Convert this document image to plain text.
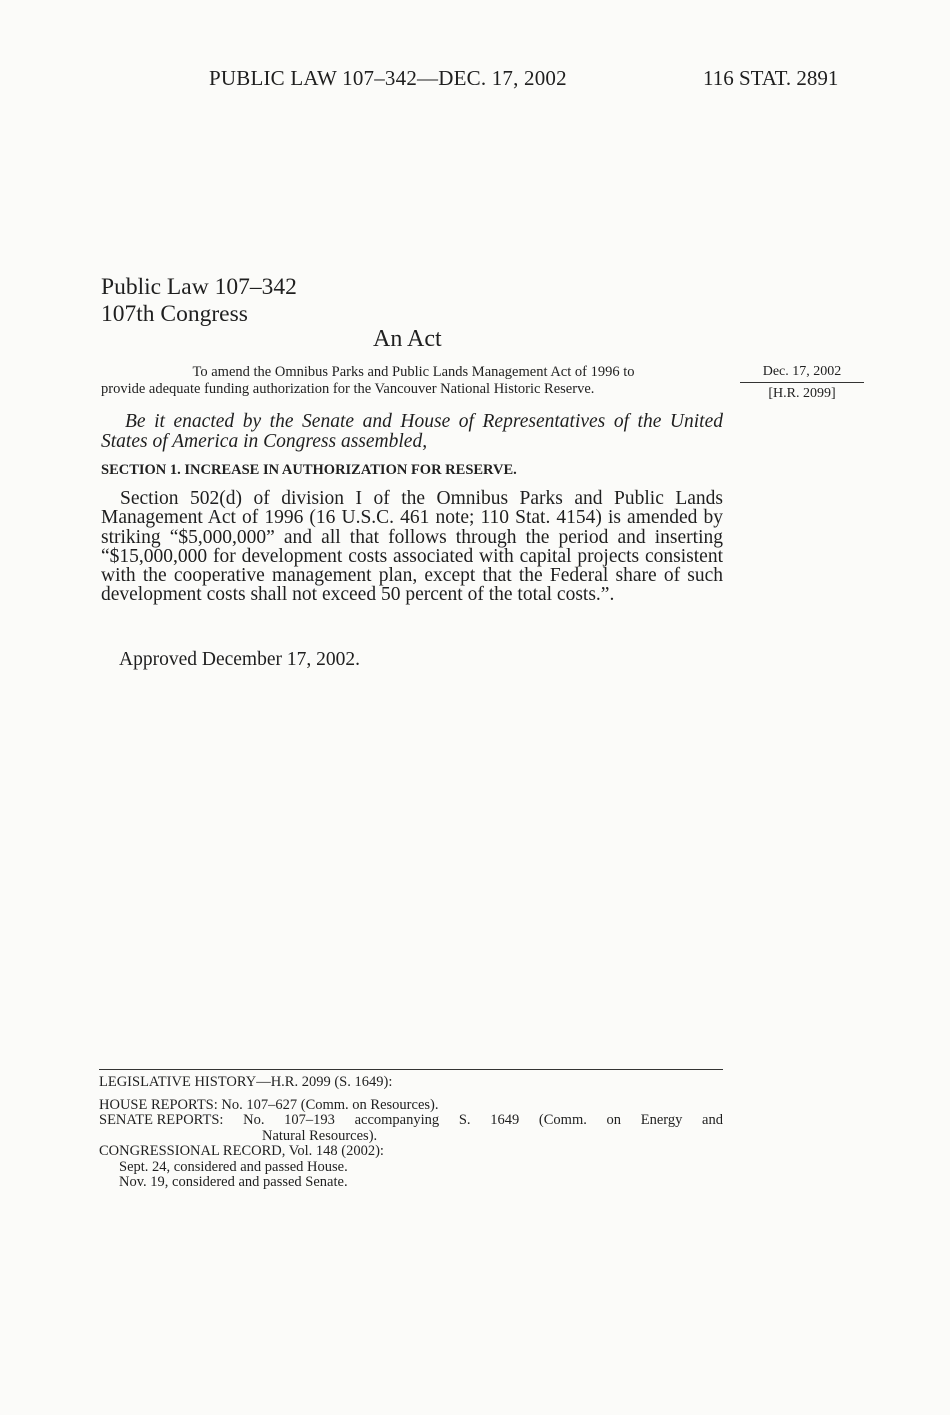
PUBLIC LAW 107–342—DEC. 17, 2002	116 STAT. 2891
Public Law 107–342
107th Congress
An Act
To amend the Omnibus Parks and Public Lands Management Act of 1996 to
provide adequate funding authorization for the Vancouver National Historic Reserve.
Dec. 17, 2002
[H.R. 2099]
Be it enacted by the Senate and House of Representatives of the United States of America in Congress assembled,
SECTION 1. INCREASE IN AUTHORIZATION FOR RESERVE.
Section 502(d) of division I of the Omnibus Parks and Public Lands Management Act of 1996 (16 U.S.C. 461 note; 110 Stat. 4154) is amended by striking “$5,000,000” and all that follows through the period and inserting “$15,000,000 for development costs associated with capital projects consistent with the cooperative management plan, except that the Federal share of such development costs shall not exceed 50 percent of the total costs.”.
Approved December 17, 2002.
LEGISLATIVE HISTORY—H.R. 2099 (S. 1649):
HOUSE REPORTS: No. 107–627 (Comm. on Resources).
SENATE REPORTS: No. 107–193 accompanying S. 1649 (Comm. on Energy and
Natural Resources).
CONGRESSIONAL RECORD, Vol. 148 (2002):
Sept. 24, considered and passed House.
Nov. 19, considered and passed Senate.
